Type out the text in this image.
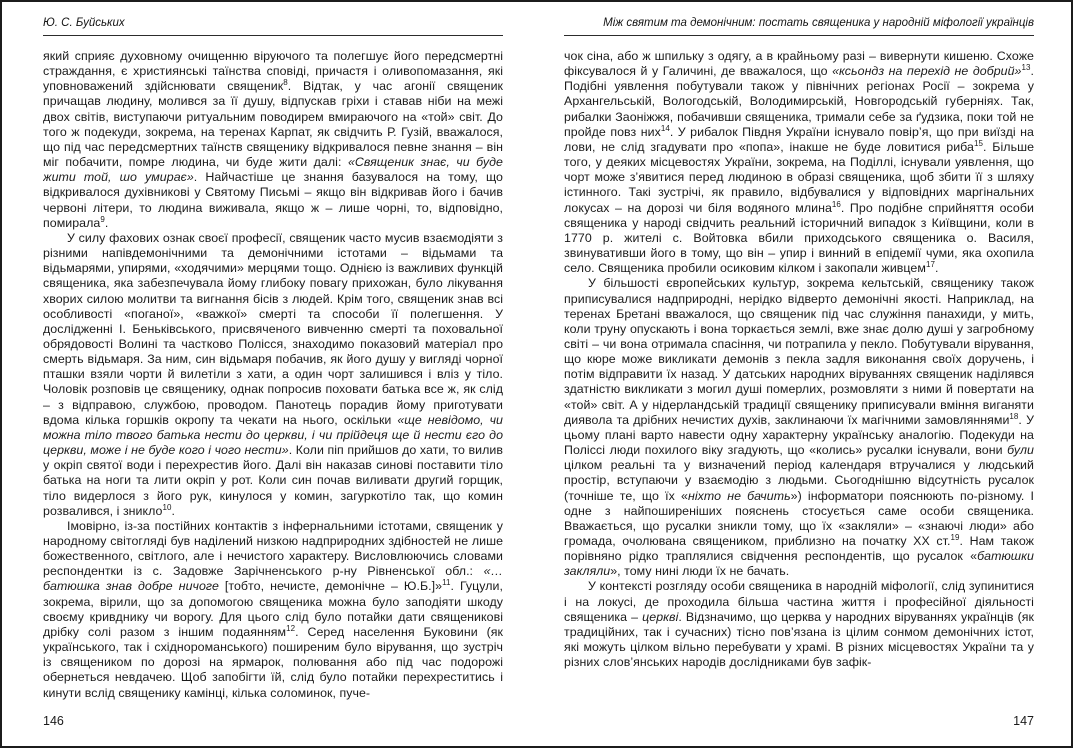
Ю. С. Буйських

який сприяє духовному очищенню віруючого та полегшує його передсмертні страждання, є християнські таїнства сповіді, причастя і оливопомазання, які уповноважений здійснювати священик$^8$. Відтак, у час агонії священик причащав людину, молився за її душу, відпускав гріхи і ставав ніби на межі двох світів, виступаючи ритуальним поводирем вмираючого на «той» світ. До того ж подекуди, зокрема, на теренах Карпат, як свідчить Р. Гузій, вважалося, що під час передсмертних таїнств священику відкривалося певне знання – він міг побачити, помре людина, чи буде жити далі: «Священик знає, чи буде жити той, шо умирає». Найчастіше це знання базувалося на тому, що відкривалося духівникові у Святому Письмі – якщо він відкривав його і бачив червоні літери, то людина виживала, якщо ж – лише чорні, то, відповідно, помирала$^9$.

У силу фахових ознак своєї професії, священик часто мусив взаємодіяти з різними напівдемонічними та демонічними істотами – відьмами та відьмарями, упирями, «ходячими» мерцями тощо. Однією із важливих функцій священика, яка забезпечувала йому глибоку повагу прихожан, було лікування хворих силою молитви та вигнання бісів з людей. Крім того, священик знав всі особливості «поганої», «важкої» смерті та способи її полегшення. У дослідженні І. Беньківського, присвяченого вивченню смерті та поховальної обрядовості Волині та частково Полісся, знаходимо показовий матеріал про смерть відьмаря. За ним, син відьмаря побачив, як його душу у вигляді чорної пташки взяли чорти й вилетіли з хати, а один чорт залишився і вліз у тіло. Чоловік розповів це священику, однак попросив поховати батька все ж, як слід – з відправою, службою, проводом. Панотець порадив йому приготувати вдома кілька горшків окропу та чекати на нього, оскільки «ще невідомо, чи можна тіло твого батька нести до церкви, і чи прійдеця ще й нести єго до церкви, може і не буде кого і чого нести». Коли піп прийшов до хати, то вилив у окріп святої води і перехрестив його. Далі він наказав синові поставити тіло батька на ноги та лити окріп у рот. Коли син почав виливати другий горщик, тіло видерлося з його рук, кинулося у комин, загуркотіло так, що комин розвалився, і зникло$^{10}$.

Імовірно, із-за постійних контактів з інфернальними істотами, священик у народному світогляді був наділений низкою надприродних здібностей не лише божественного, світлого, але і нечистого характеру. Висловлюючись словами респондентки із с. Задовже Зарічненського р-ну Рівненської обл.: «…батюшка знав добре ничоге [тобто, нечисте, демонічне – Ю.Б.]»$^{11}$. Гуцули, зокрема, вірили, що за допомогою священика можна було заподіяти шкоду своєму кривднику чи ворогу. Для цього слід було потайки дати священикові дрібку солі разом з іншим подаянням$^{12}$. Серед населення Буковини (як українського, так і східнороманського) поширеним було вірування, що зустріч із священиком по дорозі на ярмарок, полювання або під час подорожі обернеться невдачею. Щоб запобігти їй, слід було потайки перехреститись і кинути вслід священику камінці, кілька соломинок, пуче-

146
Між святим та демонічним: постать священика у народній міфології українців

чок сіна, або ж шпильку з одягу, а в крайньому разі – вивернути кишеню. Схоже фіксувалося й у Галичині, де вважалося, що «ксьондз на перехід не добрий»$^{13}$. Подібні уявлення побутували також у північних регіонах Росії – зокрема у Архангельській, Вологодській, Володимирській, Новгородській губерніях. Так, рибалки Заоніжжя, побачивши священика, тримали себе за ґудзика, поки той не пройде повз них$^{14}$. У рибалок Півдня України існувало повір’я, що при виїзді на лови, не слід згадувати про «попа», інакше не буде ловитися риба$^{15}$. Більше того, у деяких місцевостях України, зокрема, на Поділлі, існували уявлення, що чорт може з’явитися перед людиною в образі священика, щоб збити її з шляху істинного. Такі зустрічі, як правило, відбувалися у відповідних маргінальних локусах – на дорозі чи біля водяного млина$^{16}$. Про подібне сприйняття особи священика у народі свідчить реальний історичний випадок з Київщини, коли в 1770 р. жителі с. Войтовка вбили приходського священика о. Василя, звинувативши його в тому, що він – упир і винний в епідемії чуми, яка охопила село. Священика пробили осиковим кілком і закопали живцем$^{17}$.

У більшості європейських культур, зокрема кельтській, священику також приписувалися надприродні, нерідко відверто демонічні якості. Наприклад, на теренах Бретані вважалося, що священик під час служіння панахиди, у мить, коли труну опускають і вона торкається землі, вже знає долю душі у загробному світі – чи вона отримала спасіння, чи потрапила у пекло. Побутували вірування, що кюре може викликати демонів з пекла задля виконання своїх доручень, і потім відправити їх назад. У датських народних віруваннях священик наділявся здатністю викликати з могил душі померлих, розмовляти з ними й повертати на «той» світ. А у нідерландській традиції священику приписували вміння виганяти диявола та дрібних нечистих духів, заклинаючи їх магічними замовляннями$^{18}$. У цьому плані варто навести одну характерну українську аналогію. Подекуди на Поліссі люди похилого віку згадують, що «колись» русалки існували, вони були цілком реальні та у визначений період календаря втручалися у людський простір, вступаючи у взаємодію з людьми. Сьогоднішню відсутність русалок (точніше те, що їх «ніхто не бачить») інформатори пояснюють по-різному. І одне з найпоширеніших пояснень стосується саме особи священика. Вважається, що русалки зникли тому, що їх «закляли» – «знаючі люди» або громада, очолювана священиком, приблизно на початку XX ст.$^{19}$. Нам також порівняно рідко траплялися свідчення респондентів, що русалок «батюшки закляли», тому нині люди їх не бачать.

У контексті розгляду особи священика в народній міфології, слід зупинитися і на локусі, де проходила більша частина життя і професійної діяльності священика – церкві. Відзначимо, що церква у народних віруваннях українців (як традиційних, так і сучасних) тісно пов’язана із цілим сонмом демонічних істот, які можуть цілком вільно перебувати у храмі. В різних місцевостях України та у різних слов’янських народів дослідниками був зафік-

147
